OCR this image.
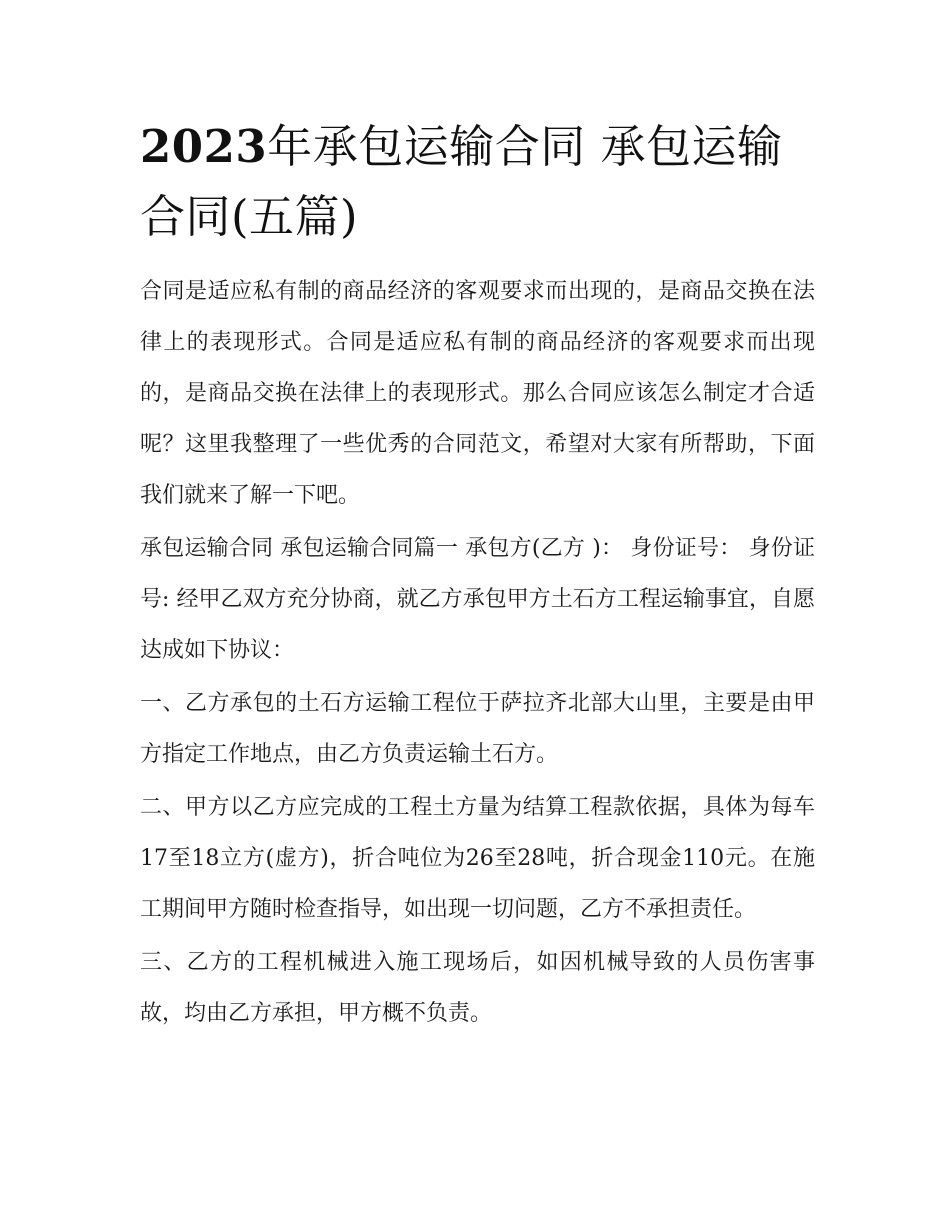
2023年承包运输合同 承包运输合同(五篇)

合同是适应私有制的商品经济的客观要求而出现的，是商品交换在法律上的表现形式。合同是适应私有制的商品经济的客观要求而出现的，是商品交换在法律上的表现形式。那么合同应该怎么制定才合适呢？这里我整理了一些优秀的合同范文，希望对大家有所帮助，下面我们就来了解一下吧。

承包运输合同 承包运输合同篇一 承包方(乙方 )： 身份证号： 身份证号: 经甲乙双方充分协商，就乙方承包甲方土石方工程运输事宜，自愿达成如下协议：

一、乙方承包的土石方运输工程位于萨拉齐北部大山里，主要是由甲方指定工作地点，由乙方负责运输土石方。

二、甲方以乙方应完成的工程土方量为结算工程款依据，具体为每车17至18立方(虚方)，折合吨位为26至28吨，折合现金110元。在施工期间甲方随时检查指导，如出现一切问题，乙方不承担责任。

三、乙方的工程机械进入施工现场后，如因机械导致的人员伤害事故，均由乙方承担，甲方概不负责。
